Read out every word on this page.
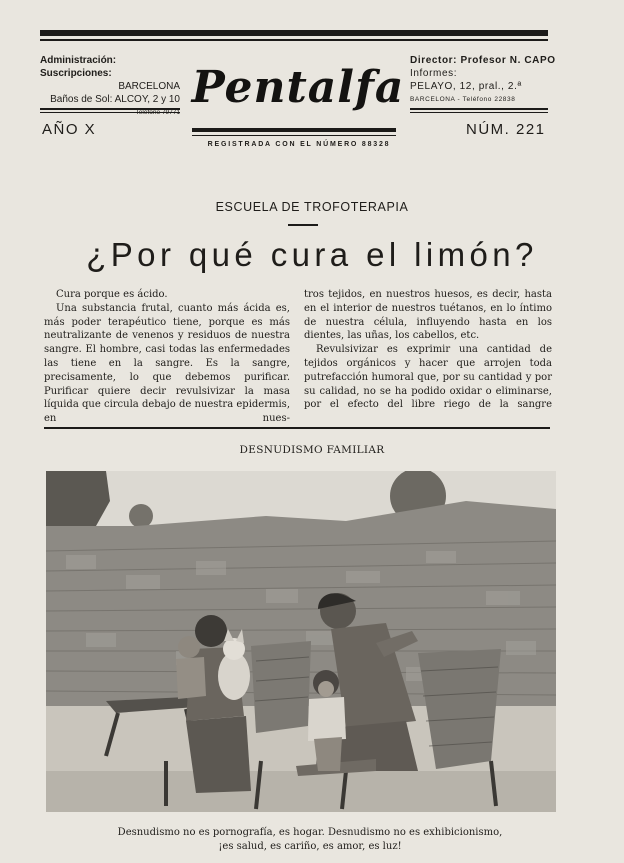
Administración: Suscripciones:
BARCELONA
Baños de Sol: ALCOY, 2 y 10
Director: Profesor N. CAPO
Informes:
PELAYO, 12, pral., 2.ª
BARCELONA - Teléfono 22838
Pentalfa
REGISTRADA CON EL NÚMERO 88328
AÑO X	NÚM. 221
ESCUELA DE TROFOTERAPIA
¿Por qué cura el limón?

Cura porque es ácido.

Una substancia frutal, cuanto más ácida es, más poder terapéutico tiene, porque es más neutralizante de venenos y residuos de nuestra sangre. El hombre, casi todas las enfermedades las tiene en la sangre. Es la sangre, precisamente, lo que debemos purificar. Purificar quiere decir revulsivizar la masa líquida que circula debajo de nuestra epidermis, en nues-

tros tejidos, en nuestros huesos, es decir, hasta en el interior de nuestros tuétanos, en lo íntimo de nuestra célula, influyendo hasta en los dientes, las uñas, los cabellos, etc.

Revulsivizar es exprimir una cantidad de tejidos orgánicos y hacer que arrojen toda putrefacción humoral que, por su cantidad y por su calidad, no se ha podido oxidar o eliminarse, por el efecto del libre riego de la sangre

DESNUDISMO FAMILIAR
Desnudismo no es pornografía, es hogar. Desnudismo no es exhibicionismo,
¡es salud, es cariño, es amor, es luz!
